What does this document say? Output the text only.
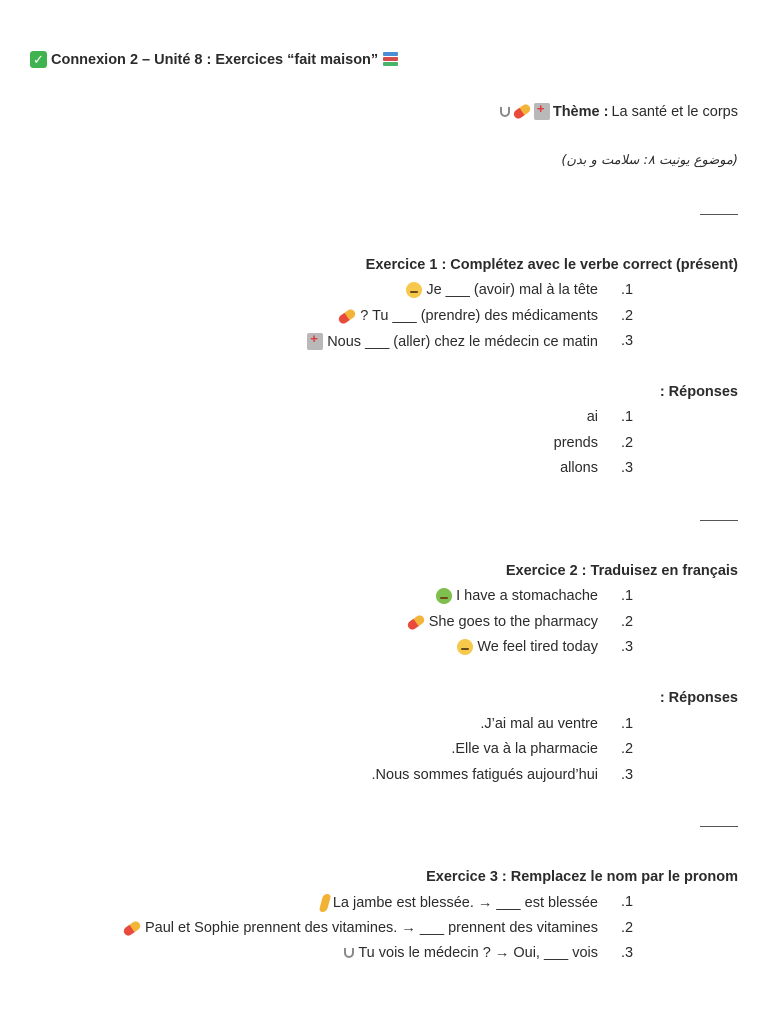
✓ Connexion 2 – Unité 8 : Exercices “fait maison”
+
Thème : La santé et le corps
(موضوع یونیت ۸: سلامت و بدن)
Exercice 1 : Complétez avec le verbe correct (présent)
Je ___ (avoir) mal à la tête .1
? Tu ___ (prendre) des médicaments .2
+
Nous ___ (aller) chez le médecin ce matin .3
: Réponses
ai .1
prends .2
allons .3
Exercice 2 : Traduisez en français
I have a stomachache .1
She goes to the pharmacy .2
We feel tired today .3
: Réponses
.J’ai mal au ventre .1
.Elle va à la pharmacie .2
.Nous sommes fatigués aujourd’hui .3
Exercice 3 : Remplacez le nom par le pronom
La jambe est blessée. → ___ est blessée .1
Paul et Sophie prennent des vitamines. → ___ prennent des vitamines .2
Tu vois le médecin ? → Oui, ___ vois .3
